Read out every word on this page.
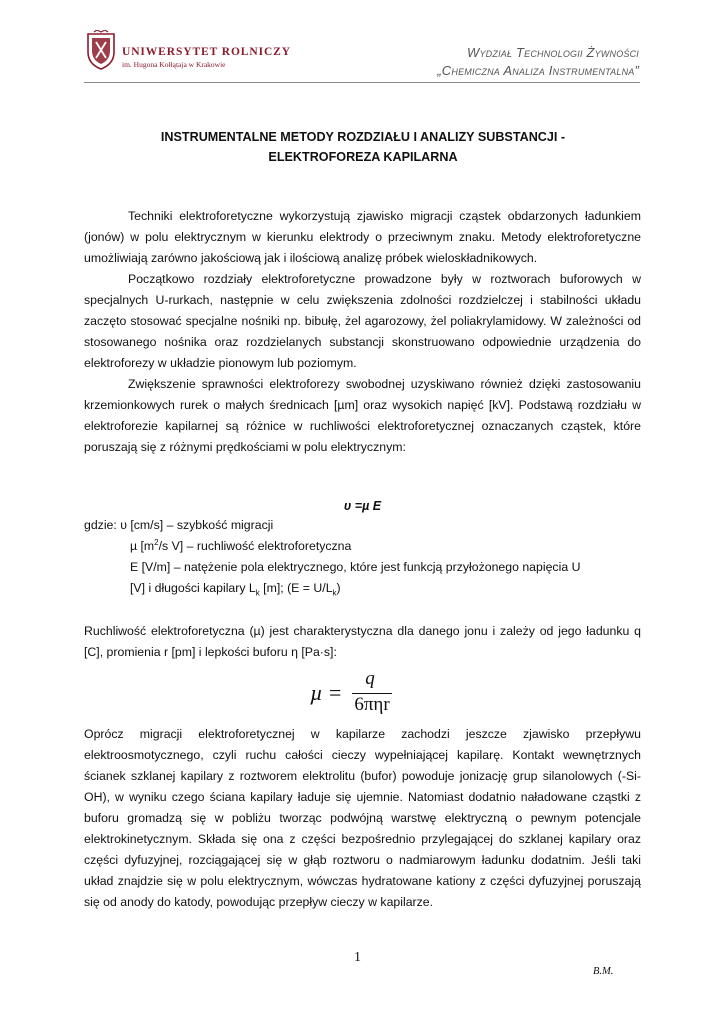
UNIWERSYTET ROLNICZY
im. Hugona Kołłątaja w Krakowie
Wydział Technologii Żywności
„Chemiczna Analiza Instrumentalna”
INSTRUMENTALNE METODY ROZDZIAŁU I ANALIZY SUBSTANCJI -
ELEKTROFOREZA KAPILARNA

Techniki elektroforetyczne wykorzystują zjawisko migracji cząstek obdarzonych ładunkiem (jonów) w polu elektrycznym w kierunku elektrody o przeciwnym znaku. Metody elektroforetyczne umożliwiają zarówno jakościową jak i ilościową analizę próbek wieloskładnikowych.

Początkowo rozdziały elektroforetyczne prowadzone były w roztworach buforowych w specjalnych U-rurkach, następnie w celu zwiększenia zdolności rozdzielczej i stabilności układu zaczęto stosować specjalne nośniki np. bibułę, żel agarozowy, żel poliakrylamidowy. W zależności od stosowanego nośnika oraz rozdzielanych substancji skonstruowano odpowiednie urządzenia do elektroforezy w układzie pionowym lub poziomym.

Zwiększenie sprawności elektroforezy swobodnej uzyskiwano również dzięki zastosowaniu krzemionkowych rurek o małych średnicach [µm] oraz wysokich napięć [kV]. Podstawą rozdziału w elektroforezie kapilarnej są różnice w ruchliwości elektroforetycznej oznaczanych cząstek, które poruszają się z różnymi prędkościami w polu elektrycznym:

υ =µ E
gdzie: υ [cm/s] – szybkość migracji
µ [$m^2/s$ V] – ruchliwość elektroforetyczna
E [V/m] – natężenie pola elektrycznego, które jest funkcją przyłożonego napięcia U
[V] i długości kapilary $L_k$ [m]; $(E = U/L_k)$

Ruchliwość elektroforetyczna (µ) jest charakterystyczna dla danego jonu i zależy od jego ładunku q [C], promienia r [pm] i lepkości buforu η [Pa·s]:

µ =
q
6πηr

Oprócz migracji elektroforetycznej w kapilarze zachodzi jeszcze zjawisko przepływu elektroosmotycznego, czyli ruchu całości cieczy wypełniającej kapilarę. Kontakt wewnętrznych ścianek szklanej kapilary z roztworem elektrolitu (bufor) powoduje jonizację grup silanolowych (-Si-OH), w wyniku czego ściana kapilary ładuje się ujemnie. Natomiast dodatnio naładowane cząstki z buforu gromadzą się w pobliżu tworząc podwójną warstwę elektryczną o pewnym potencjale elektrokinetycznym. Składa się ona z części bezpośrednio przylegającej do szklanej kapilary oraz części dyfuzyjnej, rozciągającej się w głąb roztworu o nadmiarowym ładunku dodatnim. Jeśli taki układ znajdzie się w polu elektrycznym, wówczas hydratowane kationy z części dyfuzyjnej poruszają się od anody do katody, powodując przepływ cieczy w kapilarze.

1
B.M.
